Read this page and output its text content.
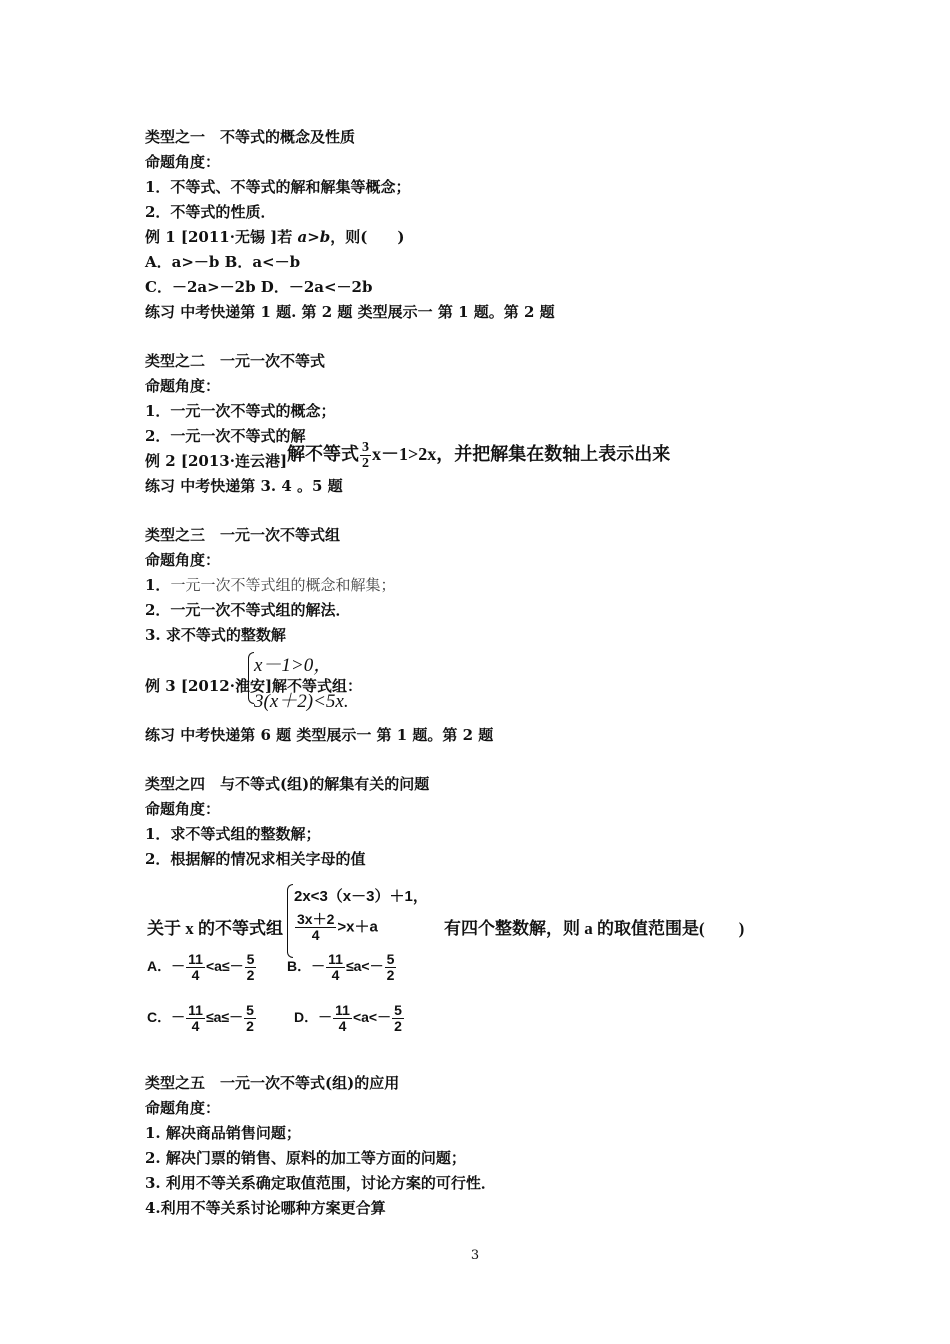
类型之一　不等式的概念及性质
命题角度：
1．不等式、不等式的解和解集等概念；
2．不等式的性质．
例 1 [2011·无锡 ]若 a>b，则(　　)
A．a>－b B．a<－b
C．－2a>－2b D．－2a<－2b
练习 中考快递第 1 题. 第 2 题 类型展示一 第 1 题。第 2 题
类型之二　一元一次不等式
命题角度：
1．一元一次不等式的概念；
2．一元一次不等式的解
例 2 [2013·连云港] 解不等式 $\frac{3}{2} x-1>2x$，并把解集在数轴上表示出来
练习 中考快递第 3. 4 。5 题
类型之三　一元一次不等式组
命题角度：
1．一元一次不等式组的概念和解集；
2．一元一次不等式组的解法．
3. 求不等式的整数解
例 3 [2012·淮安]解不等式组：
x－1>0，
3(x＋2)<5x.
练习 中考快递第 6 题 类型展示一 第 1 题。第 2 题
类型之四　与不等式(组)的解集有关的问题
命题角度：
1．求不等式组的整数解；
2．根据解的情况求相关字母的值
关于 x 的不等式组
2x<3（x－3）＋1，
$\frac{3x+2}{4} >x+a$	有四个整数解，则 a 的取值范围是(　　)
A．－ $\frac{11}{4} <a\le- \frac{5}{2}$ B．－ $\frac{11}{4} \le a<- \frac{5}{2}$
C．－ $\frac{11}{4} \le a\le- \frac{5}{2}$	D．－ $\frac{11}{4} <a<- \frac{5}{2}$
类型之五　一元一次不等式(组)的应用
命题角度：
1. 解决商品销售问题；
2. 解决门票的销售、原料的加工等方面的问题；
3. 利用不等关系确定取值范围，讨论方案的可行性．
4.利用不等关系讨论哪种方案更合算
3
